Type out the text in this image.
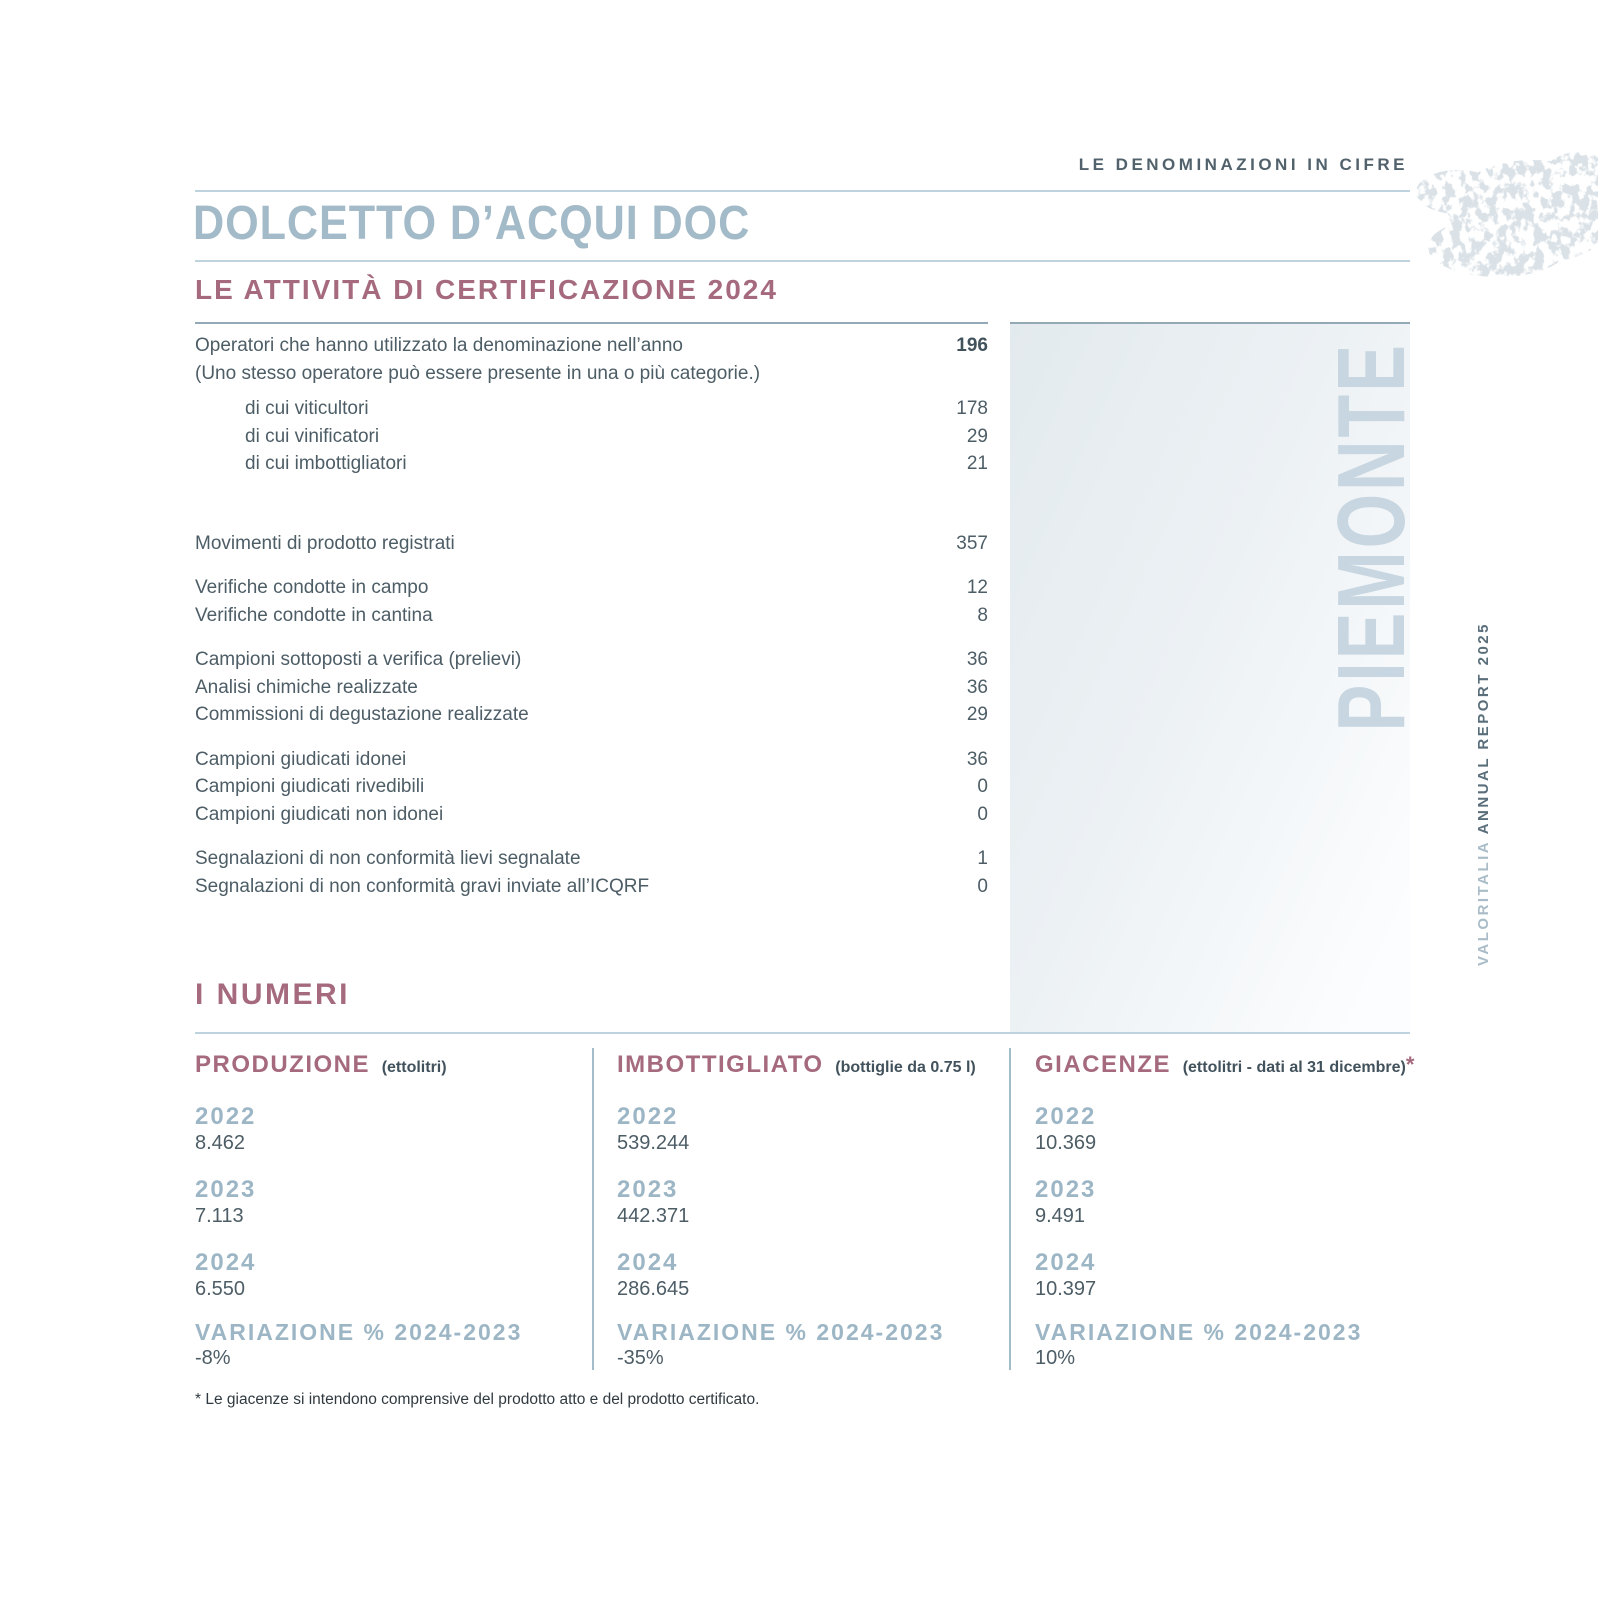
LE DENOMINAZIONI IN CIFRE
DOLCETTO D’ACQUI DOC
LE ATTIVITÀ DI CERTIFICAZIONE 2024
PIEMONTE
VALORITALIA ANNUAL REPORT 2025
Operatori che hanno utilizzato la denominazione nell’anno	196
(Uno stesso operatore può essere presente in una o più categorie.)
di cui viticultori	178
di cui vinificatori	29
di cui imbottigliatori	21
Movimenti di prodotto registrati	357
Verifiche condotte in campo	12
Verifiche condotte in cantina	8
Campioni sottoposti a verifica (prelievi)	36
Analisi chimiche realizzate	36
Commissioni di degustazione realizzate	29
Campioni giudicati idonei	36
Campioni giudicati rivedibili	0
Campioni giudicati non idonei	0
Segnalazioni di non conformità lievi segnalate	1
Segnalazioni di non conformità gravi inviate all’ICQRF	0
I NUMERI
PRODUZIONE (ettolitri)
2022
8.462
2023
7.113
2024
6.550
VARIAZIONE % 2024-2023
-8%
IMBOTTIGLIATO (bottiglie da 0.75 l)
2022
539.244
2023
442.371
2024
286.645
VARIAZIONE % 2024-2023
-35%
GIACENZE (ettolitri - dati al 31 dicembre)*
2022
10.369
2023
9.491
2024
10.397
VARIAZIONE % 2024-2023
10%
* Le giacenze si intendono comprensive del prodotto atto e del prodotto certificato.
